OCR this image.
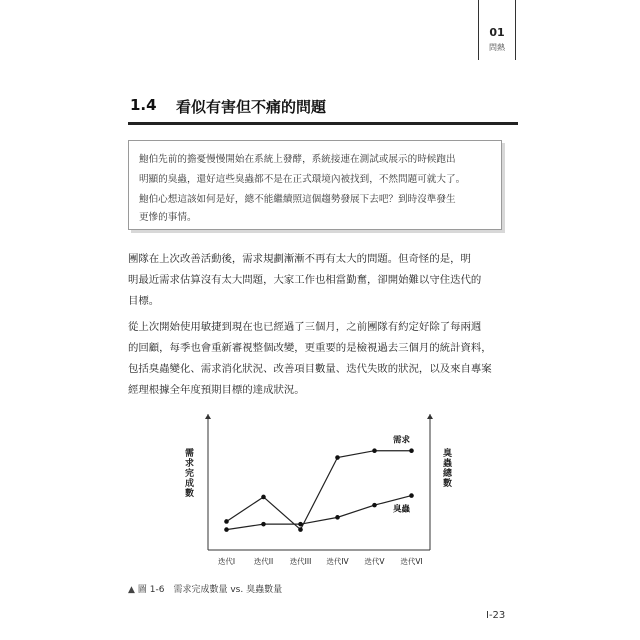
01
問熱
1.4 看似有害但不痛的問題
鮑伯先前的擔憂慢慢開始在系統上發酵，系統接連在測試或展示的時候跑出
明顯的臭蟲，還好這些臭蟲都不是在正式環境內被找到，不然問題可就大了。
鮑伯心想這該如何是好，總不能繼續照這個趨勢發展下去吧？到時沒準發生
更慘的事情。
團隊在上次改善活動後，需求規劃漸漸不再有太大的問題。但奇怪的是，明
明最近需求估算沒有太大問題，大家工作也相當勤奮，卻開始難以守住迭代的
目標。
從上次開始使用敏捷到現在也已經過了三個月，之前團隊有約定好除了每兩週
的回顧，每季也會重新審視整個改變，更重要的是檢視過去三個月的統計資料，
包括臭蟲變化、需求消化狀況、改善項目數量、迭代失敗的狀況，以及來自專案
經理根據全年度預期目標的達成狀況。
需求完成數	臭蟲總數
迭代I 迭代II 迭代III 迭代IV 迭代V 迭代VI
需求
臭蟲
▲ 圖 1-6　需求完成數量 vs. 臭蟲數量
I-23
